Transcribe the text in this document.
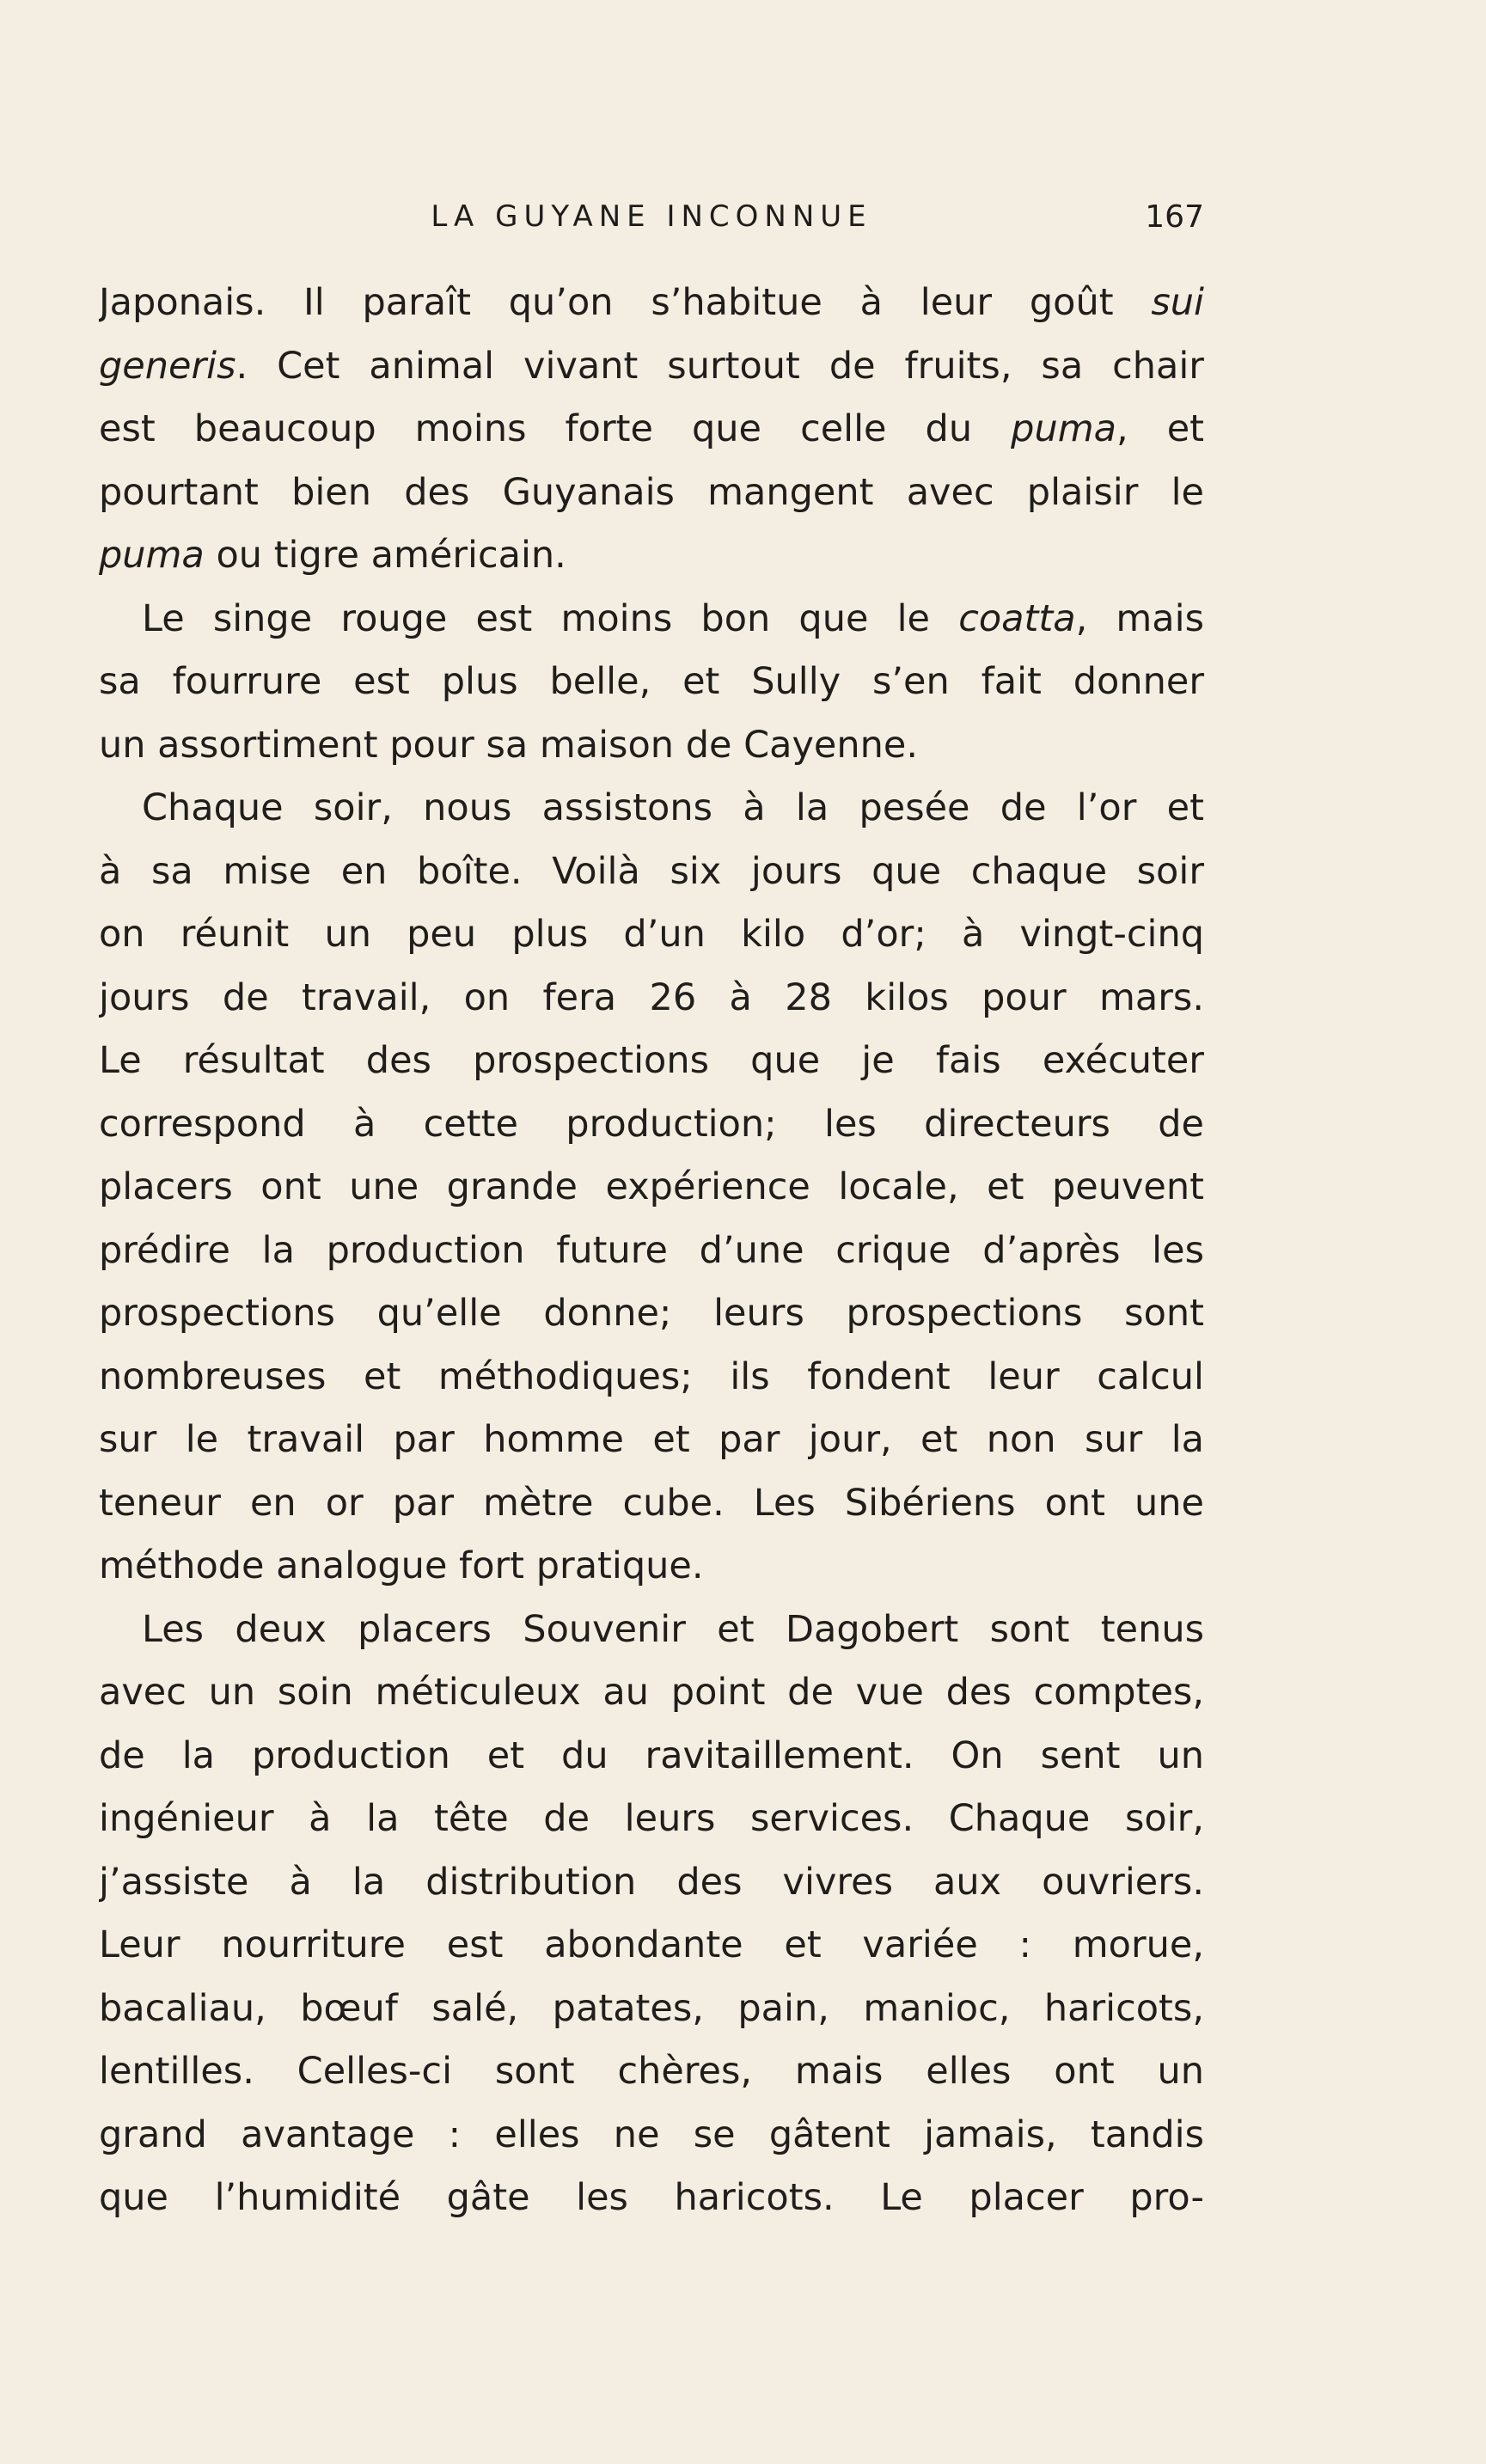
LA GUYANE INCONNUE	167
Japonais. Il paraît qu’on s’habitue à leur goût sui
generis. Cet animal vivant surtout de fruits, sa chair
est beaucoup moins forte que celle du puma, et
pourtant bien des Guyanais mangent avec plaisir le
puma ou tigre américain.
Le singe rouge est moins bon que le coatta, mais
sa fourrure est plus belle, et Sully s’en fait donner
un assortiment pour sa maison de Cayenne.
Chaque soir, nous assistons à la pesée de l’or et
à sa mise en boîte. Voilà six jours que chaque soir
on réunit un peu plus d’un kilo d’or; à vingt-cinq
jours de travail, on fera 26 à 28 kilos pour mars.
Le résultat des prospections que je fais exécuter
correspond à cette production; les directeurs de
placers ont une grande expérience locale, et peuvent
prédire la production future d’une crique d’après les
prospections qu’elle donne; leurs prospections sont
nombreuses et méthodiques; ils fondent leur calcul
sur le travail par homme et par jour, et non sur la
teneur en or par mètre cube. Les Sibériens ont une
méthode analogue fort pratique.
Les deux placers Souvenir et Dagobert sont tenus
avec un soin méticuleux au point de vue des comptes,
de la production et du ravitaillement. On sent un
ingénieur à la tête de leurs services. Chaque soir,
j’assiste à la distribution des vivres aux ouvriers.
Leur nourriture est abondante et variée : morue,
bacaliau, bœuf salé, patates, pain, manioc, haricots,
lentilles. Celles-ci sont chères, mais elles ont un
grand avantage : elles ne se gâtent jamais, tandis
que l’humidité gâte les haricots. Le placer pro-
